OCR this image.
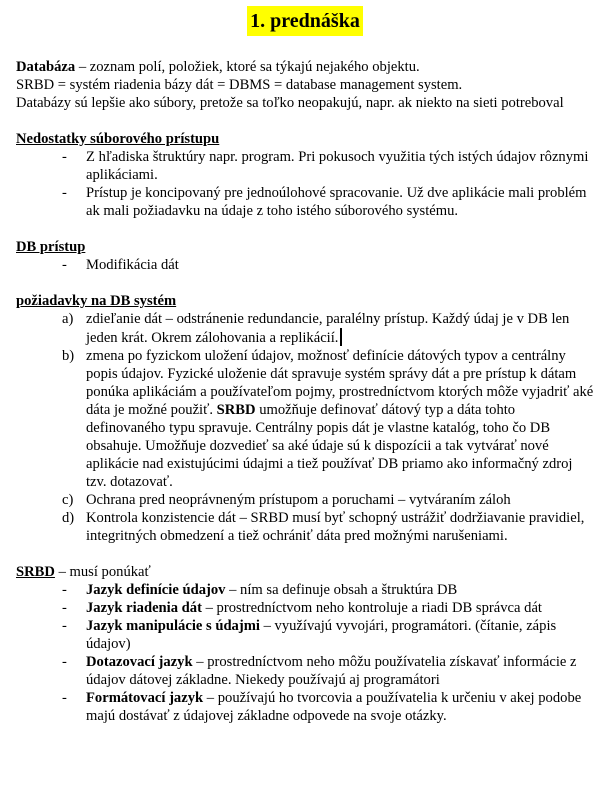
1. prednáška

Databáza – zoznam polí, položiek, ktoré sa týkajú nejakého objektu.

SRBD = systém riadenia bázy dát = DBMS = database management system.

Databázy sú lepšie ako súbory, pretože sa toľko neopakujú, napr. ak niekto na sieti potreboval

Nedostatky súborového prístupu

- Z hľadiska štruktúry napr. program. Pri pokusoch využitia tých istých údajov rôznymi aplikáciami.
- Prístup je koncipovaný pre jednoúlohové spracovanie. Už dve aplikácie mali problém ak mali požiadavku na údaje z toho istého súborového systému.

DB prístup

- Modifikácia dát

požiadavky na DB systém

a) zdieľanie dát – odstránenie redundancie, paralélny prístup. Každý údaj je v DB len jeden krát. Okrem zálohovania a replikácií.
b) zmena po fyzickom uložení údajov, možnosť definície dátových typov a centrálny popis údajov. Fyzické uloženie dát spravuje systém správy dát a pre prístup k dátam ponúka aplikáciám a používateľom pojmy, prostredníctvom ktorých môže vyjadriť aké dáta je možné použiť. SRBD umožňuje definovať dátový typ a dáta tohto definovaného typu spravuje. Centrálny popis dát je vlastne katalóg, toho čo DB obsahuje. Umožňuje dozvedieť sa aké údaje sú k dispozícii a tak vytvárať nové aplikácie nad existujúcimi údajmi a tiež používať DB priamo ako informačný zdroj tzv. dotazovať.
c) Ochrana pred neoprávneným prístupom a poruchami – vytváraním záloh
d) Kontrola konzistencie dát – SRBD musí byť schopný ustrážiť dodržiavanie pravidiel, integritných obmedzení a tiež ochrániť dáta pred možnými narušeniami.

SRBD – musí ponúkať

- Jazyk definície údajov – ním sa definuje obsah a štruktúra DB
- Jazyk riadenia dát – prostredníctvom neho kontroluje a riadi DB správca dát
- Jazyk manipulácie s údajmi – využívajú vyvojári, programátori. (čítanie, zápis údajov)
- Dotazovací jazyk – prostredníctvom neho môžu používatelia získavať informácie z údajov dátovej základne. Niekedy používajú aj programátori
- Formátovací jazyk – používajú ho tvorcovia a používatelia k určeniu v akej podobe majú dostávať z údajovej základne odpovede na svoje otázky.
